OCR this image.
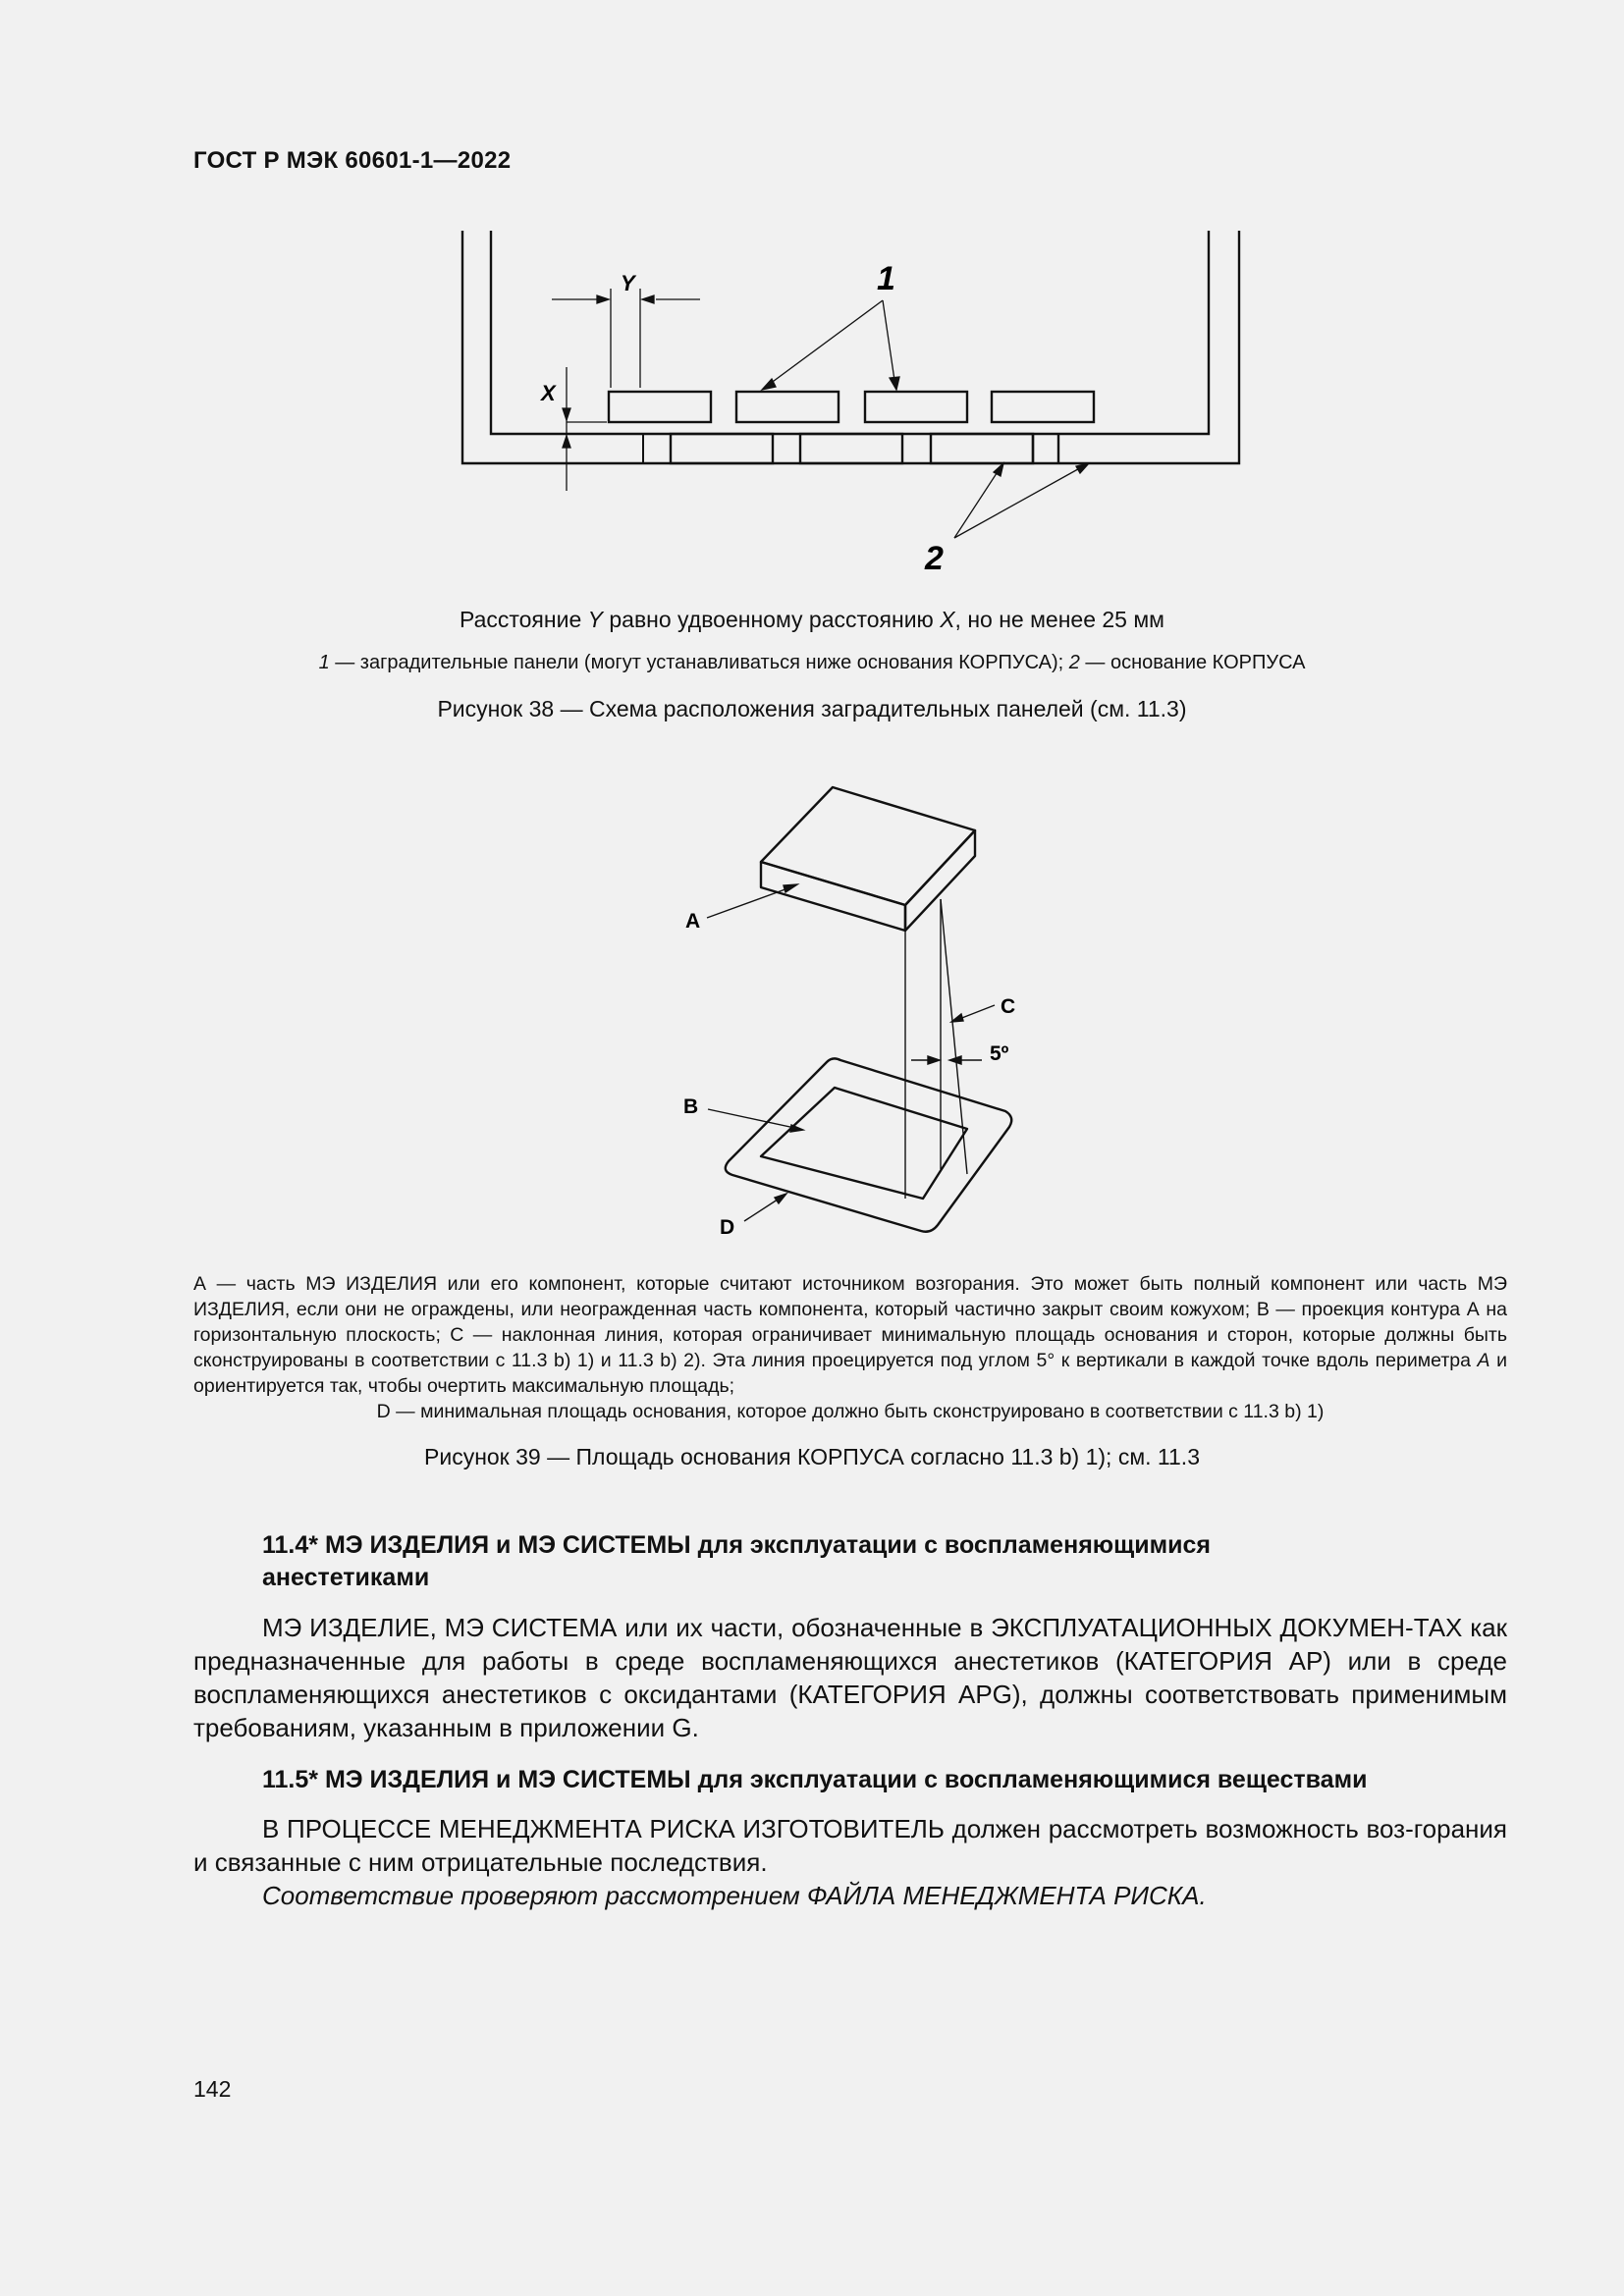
ГОСТ Р МЭК 60601-1—2022
Y
X
1
2
A
C
5º
B
D
Расстояние Y равно удвоенному расстоянию X, но не менее 25 мм
1 — заградительные панели (могут устанавливаться ниже основания КОРПУСА); 2 — основание КОРПУСА
Рисунок 38 — Схема расположения заградительных панелей (см. 11.3)
А — часть МЭ ИЗДЕЛИЯ или его компонент, которые считают источником возгорания. Это может быть полный компонент или часть МЭ ИЗДЕЛИЯ, если они не ограждены, или неогражденная часть компонента, который частично закрыт своим кожухом; В — проекция контура А на горизонтальную плоскость; С — наклонная линия, которая ограничивает минимальную площадь основания и сторон, которые должны быть сконструированы в соответствии с 11.3 b) 1) и 11.3 b) 2). Эта линия проецируется под углом 5° к вертикали в каждой точке вдоль периметра А и ориентируется так, чтобы очертить максимальную площадь;
D — минимальная площадь основания, которое должно быть сконструировано в соответствии с 11.3 b) 1)
Рисунок 39 — Площадь основания КОРПУСА согласно 11.3 b) 1); см. 11.3
11.4* МЭ ИЗДЕЛИЯ и МЭ СИСТЕМЫ для эксплуатации с воспламеняющимися
анестетиками
МЭ ИЗДЕЛИЕ, МЭ СИСТЕМА или их части, обозначенные в ЭКСПЛУАТАЦИОННЫХ ДОКУМЕН-ТАХ как предназначенные для работы в среде воспламеняющихся анестетиков (КАТЕГОРИЯ АР) или в среде воспламеняющихся анестетиков с оксидантами (КАТЕГОРИЯ APG), должны соответствовать применимым требованиям, указанным в приложении G.
11.5* МЭ ИЗДЕЛИЯ и МЭ СИСТЕМЫ для эксплуатации с воспламеняющимися веществами
В ПРОЦЕССЕ МЕНЕДЖМЕНТА РИСКА ИЗГОТОВИТЕЛЬ должен рассмотреть возможность воз-горания и связанные с ним отрицательные последствия.
Соответствие проверяют рассмотрением ФАЙЛА МЕНЕДЖМЕНТА РИСКА.
142
